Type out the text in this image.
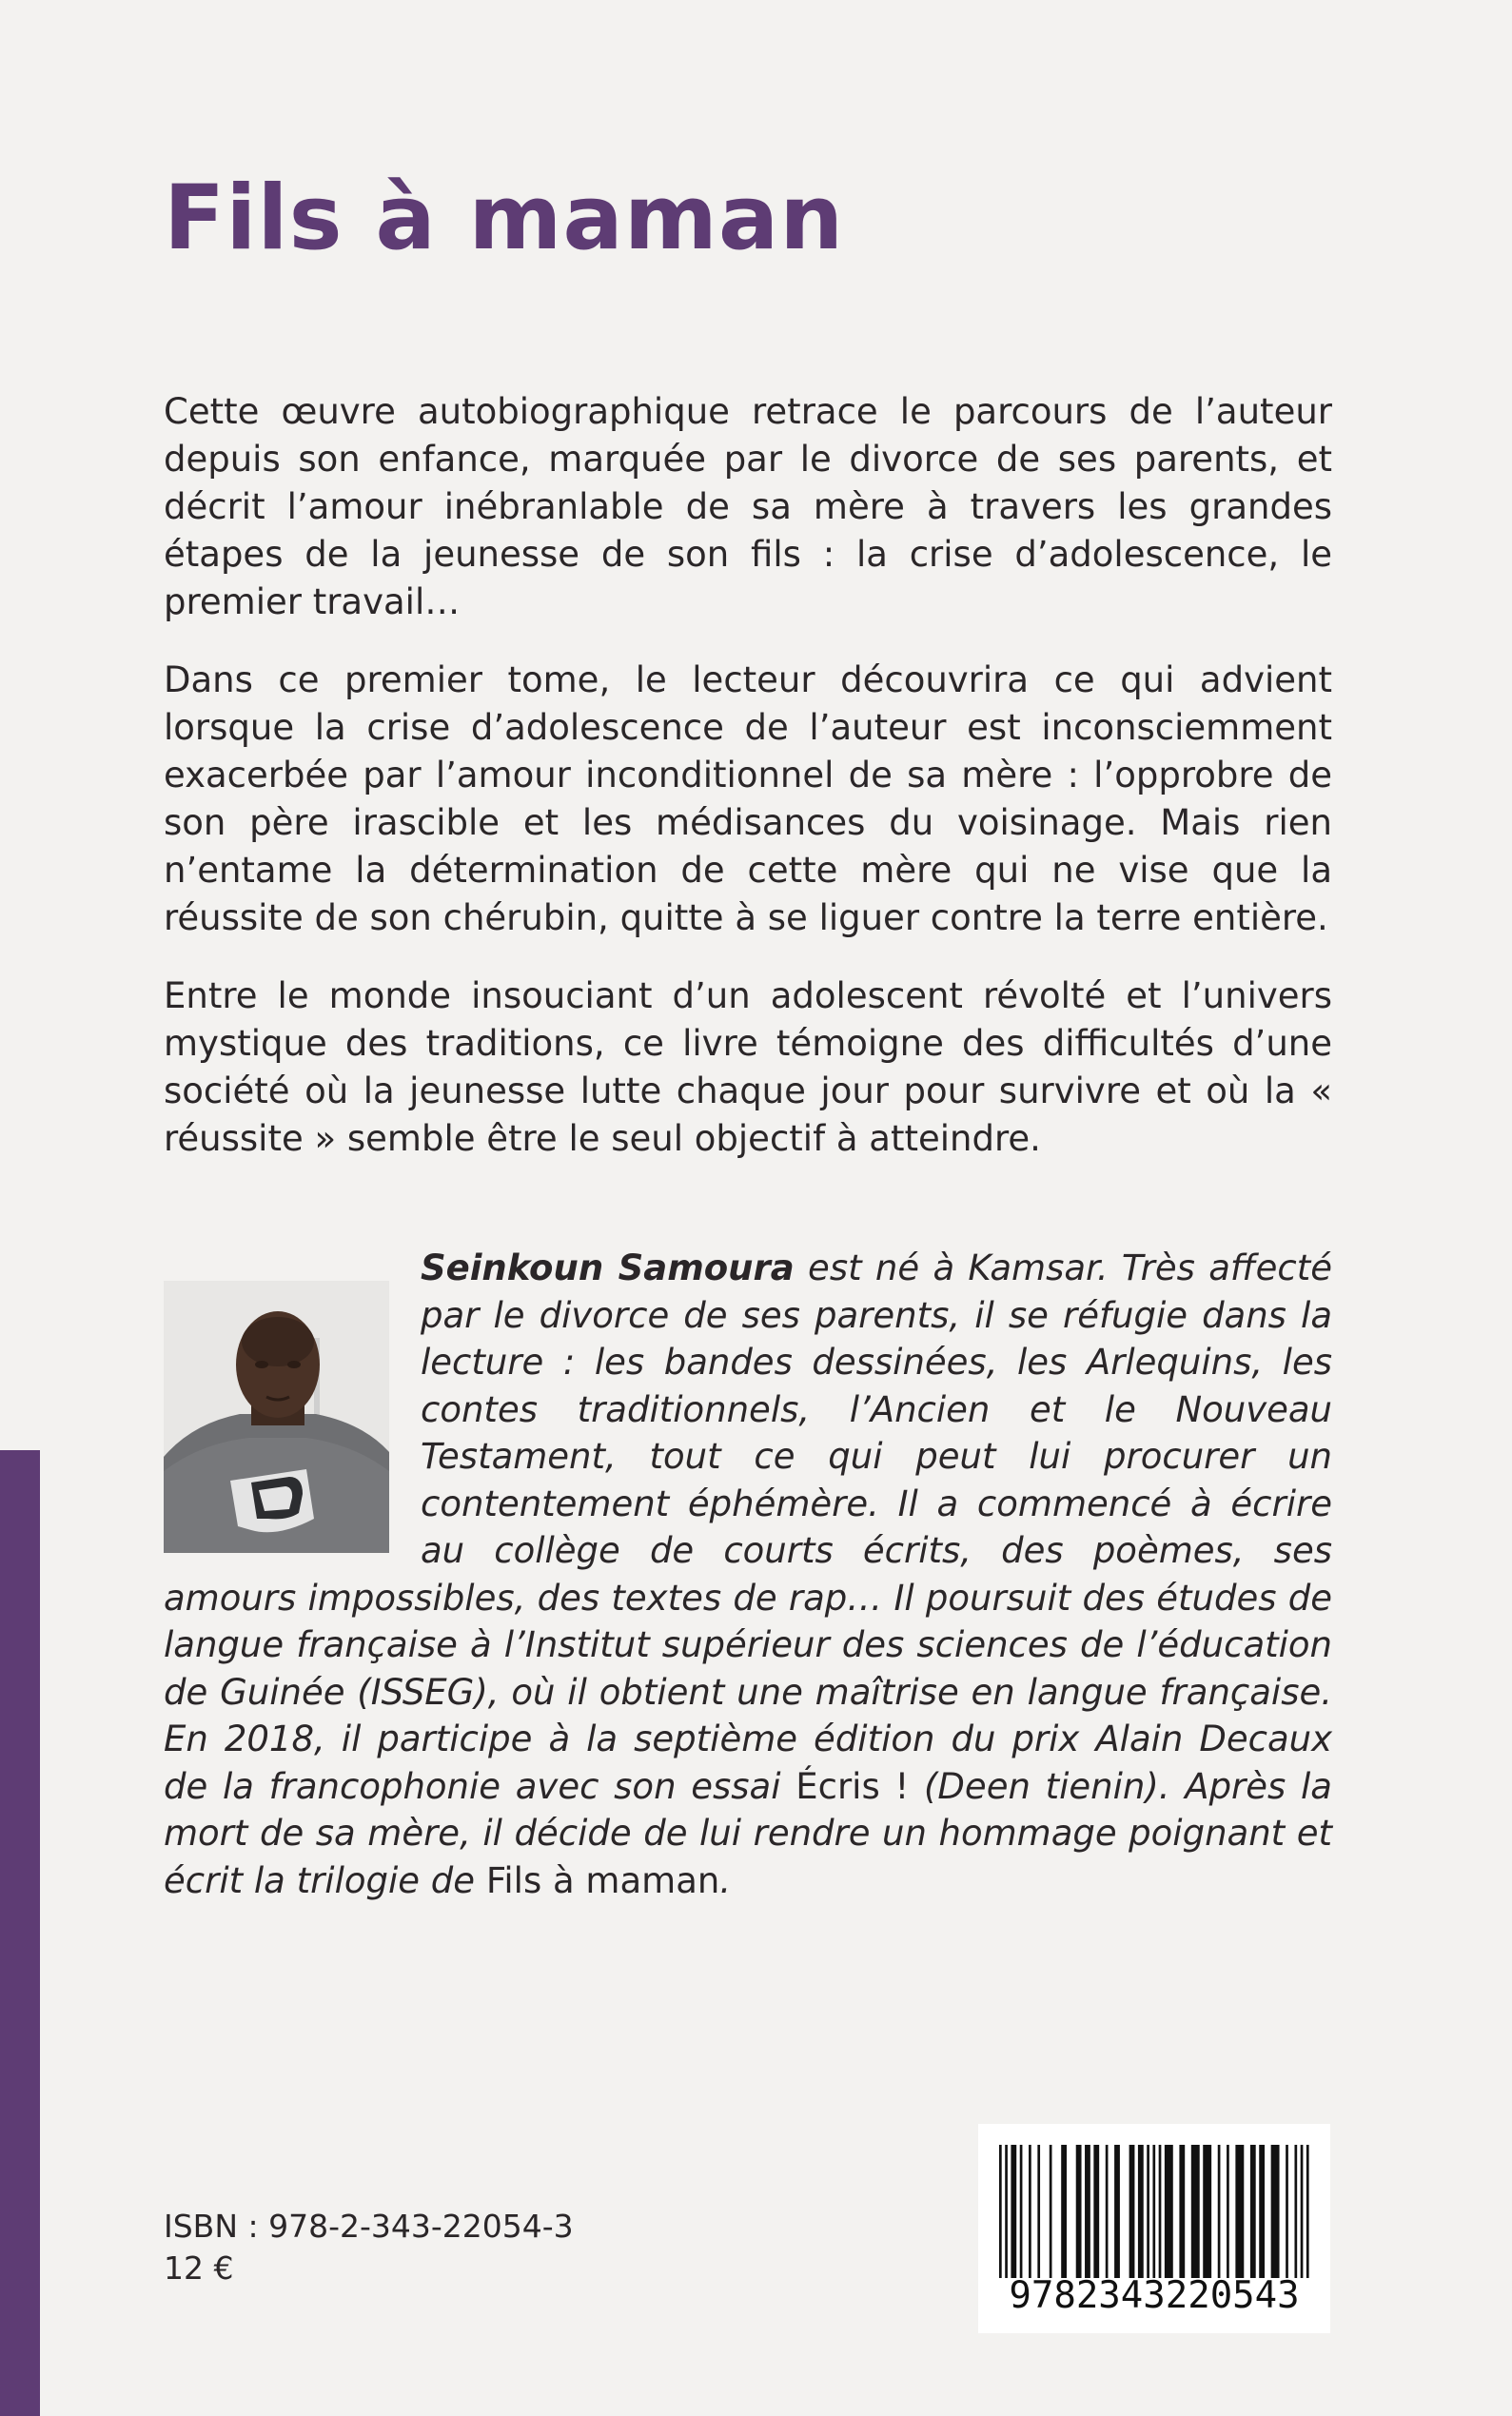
Fils à maman

Cette œuvre autobiographique retrace le parcours de l’auteur depuis son enfance, marquée par le divorce de ses parents, et décrit l’amour inébranlable de sa mère à travers les grandes étapes de la jeunesse de son fils : la crise d’adolescence, le premier travail…

Dans ce premier tome, le lecteur découvrira ce qui advient lorsque la crise d’adolescence de l’auteur est inconsciemment exacerbée par l’amour inconditionnel de sa mère : l’opprobre de son père irascible et les médisances du voisinage. Mais rien n’entame la détermination de cette mère qui ne vise que la réussite de son chérubin, quitte à se liguer contre la terre entière.

Entre le monde insouciant d’un adolescent révolté et l’univers mystique des traditions, ce livre témoigne des difficultés d’une société où la jeunesse lutte chaque jour pour survivre et où la « réussite » semble être le seul objectif à atteindre.

Seinkoun Samoura est né à Kamsar. Très affecté par le divorce de ses parents, il se réfugie dans la lecture : les bandes dessinées, les Arlequins, les contes traditionnels, l’Ancien et le Nouveau Testament, tout ce qui peut lui procurer un contentement éphémère. Il a commencé à écrire au collège de courts écrits, des poèmes, ses amours impossibles, des textes de rap… Il poursuit des études de langue française à l’Institut supérieur des sciences de l’éducation de Guinée (ISSEG), où il obtient une maîtrise en langue française. En 2018, il participe à la septième édition du prix Alain Decaux de la francophonie avec son essai Écris ! (Deen tienin). Après la mort de sa mère, il décide de lui rendre un hommage poignant et écrit la trilogie de Fils à maman.

ISBN : 978-2-343-22054-3
12 €
9782343220543
